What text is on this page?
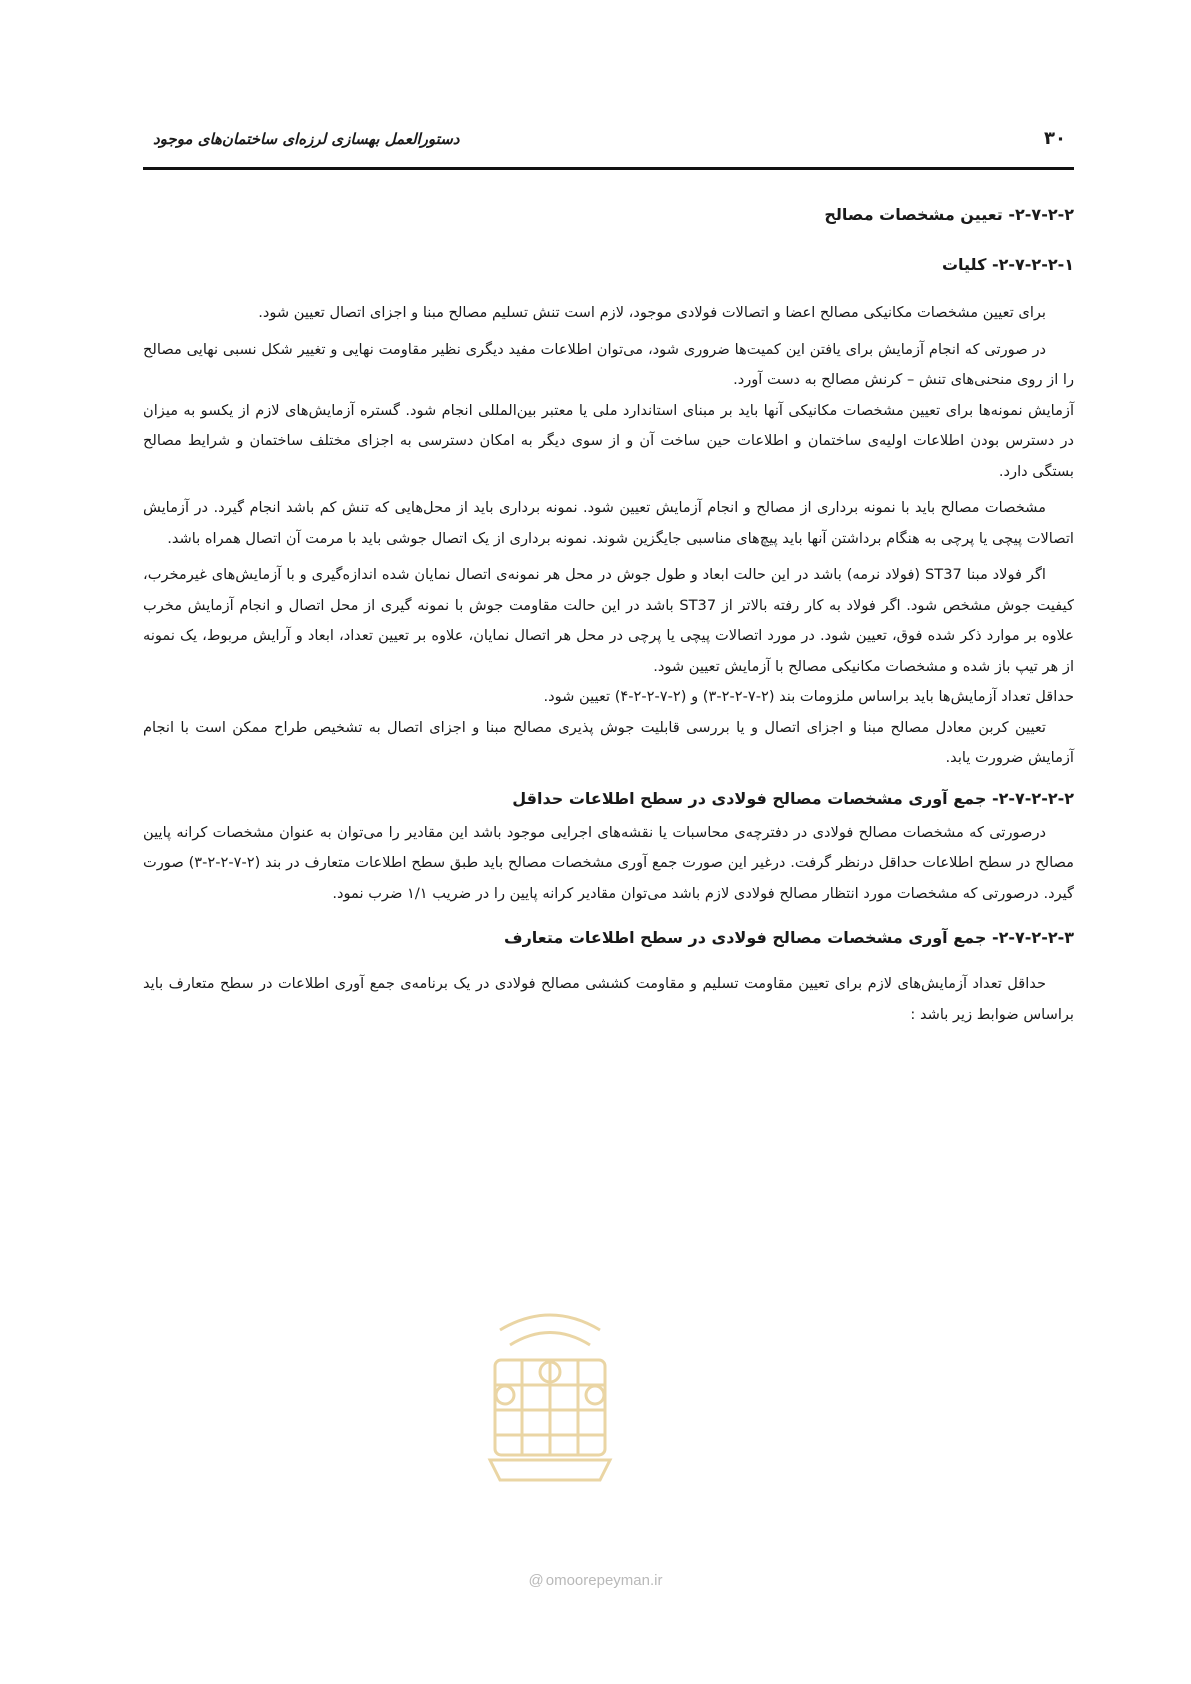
۳۰
دستورالعمل بهسازی لرزه‌ای ساختمان‌های موجود
۲-۷-۲-۲- تعیین مشخصات مصالح
۲-۷-۲-۲-۱- کلیات

برای تعیین مشخصات مکانیکی مصالح اعضا و اتصالات فولادی موجود، لازم است تنش تسلیم مصالح مبنا و اجزای اتصال تعیین شود.

در صورتی که انجام آزمایش برای یافتن این کمیت‌ها ضروری شود، می‌توان اطلاعات مفید دیگری نظیر مقاومت نهایی و تغییر شکل نسبی نهایی مصالح را از روی منحنی‌های تنش – کرنش مصالح به دست آورد.

آزمایش نمونه‌ها برای تعیین مشخصات مکانیکی آنها باید بر مبنای استاندارد ملی یا معتبر بین‌المللی انجام شود. گستره آزمایش‌های لازم از یکسو به میزان در دسترس بودن اطلاعات اولیه‌ی ساختمان و اطلاعات حین ساخت آن و از سوی دیگر به امکان دسترسی به اجزای مختلف ساختمان و شرایط مصالح بستگی دارد.

مشخصات مصالح باید با نمونه برداری از مصالح و انجام آزمایش تعیین شود. نمونه برداری باید از محل‌هایی که تنش کم باشد انجام گیرد. در آزمایش اتصالات پیچی یا پرچی به هنگام برداشتن آنها باید پیچ‌های مناسبی جایگزین شوند. نمونه برداری از یک اتصال جوشی باید با مرمت آن اتصال همراه باشد.

اگر فولاد مبنا ST37 (فولاد نرمه) باشد در این حالت ابعاد و طول جوش در محل هر نمونه‌ی اتصال نمایان شده اندازه‌گیری و با آزمایش‌های غیرمخرب، کیفیت جوش مشخص شود. اگر فولاد به کار رفته بالاتر از ST37 باشد در این حالت مقاومت جوش با نمونه گیری از محل اتصال و انجام آزمایش مخرب علاوه بر موارد ذکر شده فوق، تعیین شود. در مورد اتصالات پیچی یا پرچی در محل هر اتصال نمایان، علاوه بر تعیین تعداد، ابعاد و آرایش مربوط، یک نمونه از هر تیپ باز شده و مشخصات مکانیکی مصالح با آزمایش تعیین شود.

حداقل تعداد آزمایش‌ها باید براساس ملزومات بند (۲-۷-۲-۲-۳) و (۲-۷-۲-۲-۴) تعیین شود.

تعیین کربن معادل مصالح مبنا و اجزای اتصال و یا بررسی قابلیت جوش پذیری مصالح مبنا و اجزای اتصال به تشخیص طراح ممکن است با انجام آزمایش ضرورت یابد.

۲-۷-۲-۲-۲- جمع آوری مشخصات مصالح فولادی در سطح اطلاعات حداقل

درصورتی که مشخصات مصالح فولادی در دفترچه‌ی محاسبات یا نقشه‌های اجرایی موجود باشد این مقادیر را می‌توان به عنوان مشخصات کرانه پایین مصالح در سطح اطلاعات حداقل درنظر گرفت. درغیر این صورت جمع آوری مشخصات مصالح باید طبق سطح اطلاعات متعارف در بند (۲-۷-۲-۲-۳) صورت گیرد. درصورتی که مشخصات مورد انتظار مصالح فولادی لازم باشد می‌توان مقادیر کرانه پایین را در ضریب ۱/۱ ضرب نمود.

۲-۷-۲-۲-۳- جمع آوری مشخصات مصالح فولادی در سطح اطلاعات متعارف

حداقل تعداد آزمایش‌های لازم برای تعیین مقاومت تسلیم و مقاومت کششی مصالح فولادی در یک برنامه‌ی جمع آوری اطلاعات در سطح متعارف باید براساس ضوابط زیر باشد :

@ omoorepeyman.ir
